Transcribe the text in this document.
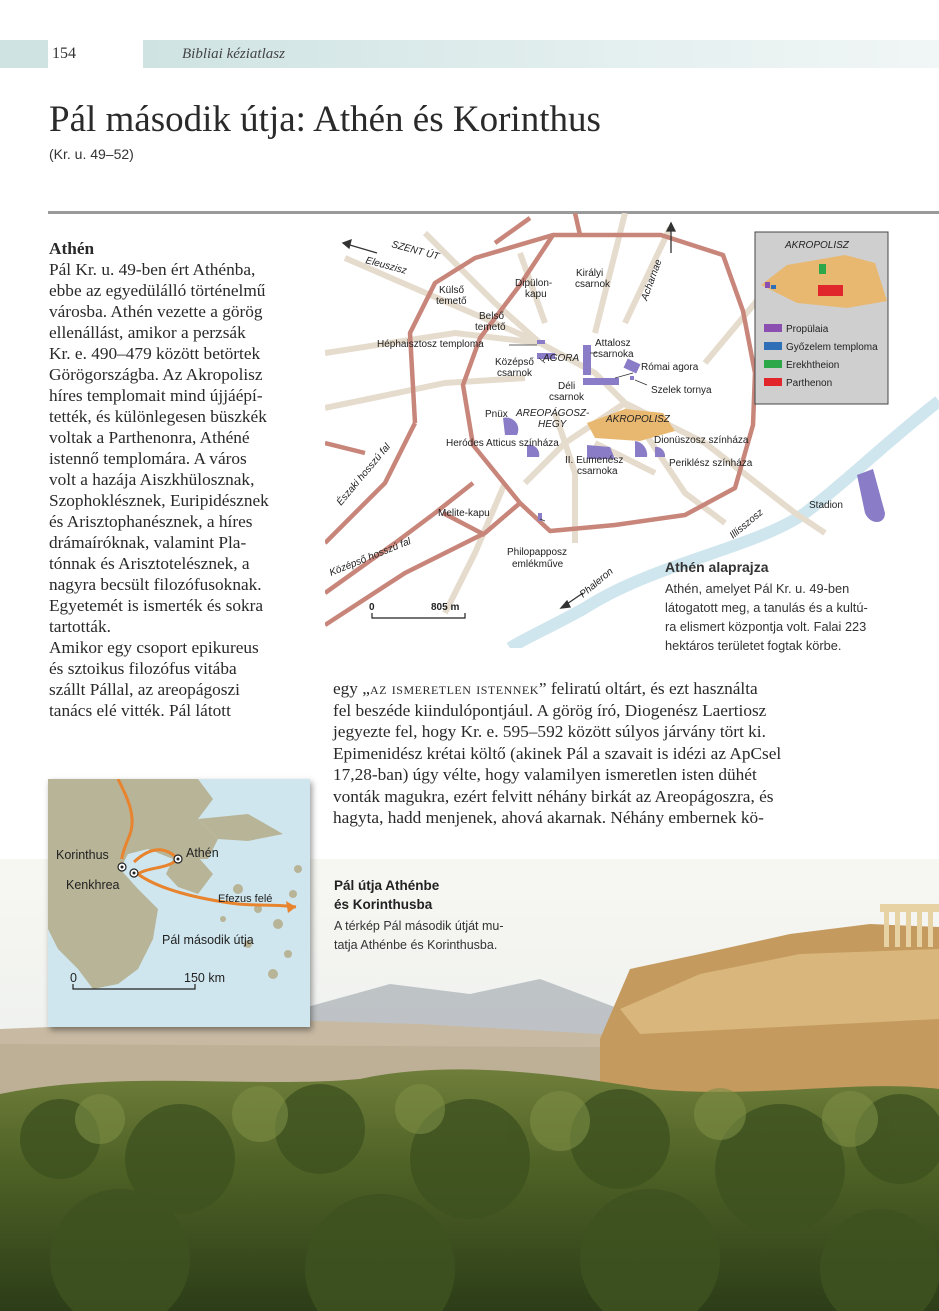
154	Bibliai kéziatlasz
Pál második útja: Athén és Korinthus
(Kr. u. 49–52)
Athén

Pál Kr. u. 49-ben ért Athénba,

ebbe az egyedülálló történelmű

városba. Athén vezette a görög

ellenállást, amikor a perzsák

Kr. e. 490–479 között betörtek

Görögországba. Az Akropolisz

híres templomait mind újjáépí-

tették, és különlegesen büszkék

voltak a Parthenonra, Athéné

istennő templomára. A város

volt a hazája Aiszkhülosznak,

Szophoklésznek, Euripidésznek

és Arisztophanésznek, a híres

drámaíróknak, valamint Pla-

tónnak és Arisztotelésznek, a

nagyra becsült filozófusoknak.

Egyetemét is ismerték és sokra

tartották.

Amikor egy csoport epikureus

és sztoikus filozófus vitába

szállt Pállal, az areopágoszi

tanács elé vitték. Pál látott

SZENT ÚT
Eleuszisz	Acharnae
Külső
temető
Dipülon-
kapu
Királyi
csarnok
Belső
temető
Héphaisztosz temploma	Attalosz
csarnoka
Középső
csarnok
AGORA
Római agora
Déli
csarnok
Szelek tornya
Pnüx AREOPÁGOSZ-
HEGY	AKROPOLISZ
Heródes Atticus színháza	Dionüszosz színháza
II. Eumenész
csarnoka
Periklész színháza
Északi hosszú fal	Stadion
Melite-kapu	Illisszosz
Középső hosszú fal	Philopapposz
emlékműve
Phaleron
0	805 m
AKROPOLISZ
Propülaia
Győzelem temploma
Erekhtheion
Parthenon
Athén alaprajza
Athén, amelyet Pál Kr. u. 49-ben
látogatott meg, a tanulás és a kultú-
ra elismert központja volt. Falai 223
hektáros területet fogtak körbe.
egy „az ismeretlen istennek” feliratú oltárt, és ezt használta
fel beszéde kiindulópontjául. A görög író, Diogenész Laertiosz
jegyezte fel, hogy Kr. e. 595–592 között súlyos járvány tört ki.
Epimenidész krétai költő (akinek Pál a szavait is idézi az ApCsel
17,28-ban) úgy vélte, hogy valamilyen ismeretlen isten dühét
vonták magukra, ezért felvitt néhány birkát az Areopágoszra, és
hagyta, hadd menjenek, ahová akarnak. Néhány embernek kö-
Pál útja Athénbe
és Korinthusba
A térkép Pál második útját mu-
tatja Athénbe és Korinthusba.
Korinthus	Athén
Kenkhrea
Efezus felé
Pál második útja
0	150 km
